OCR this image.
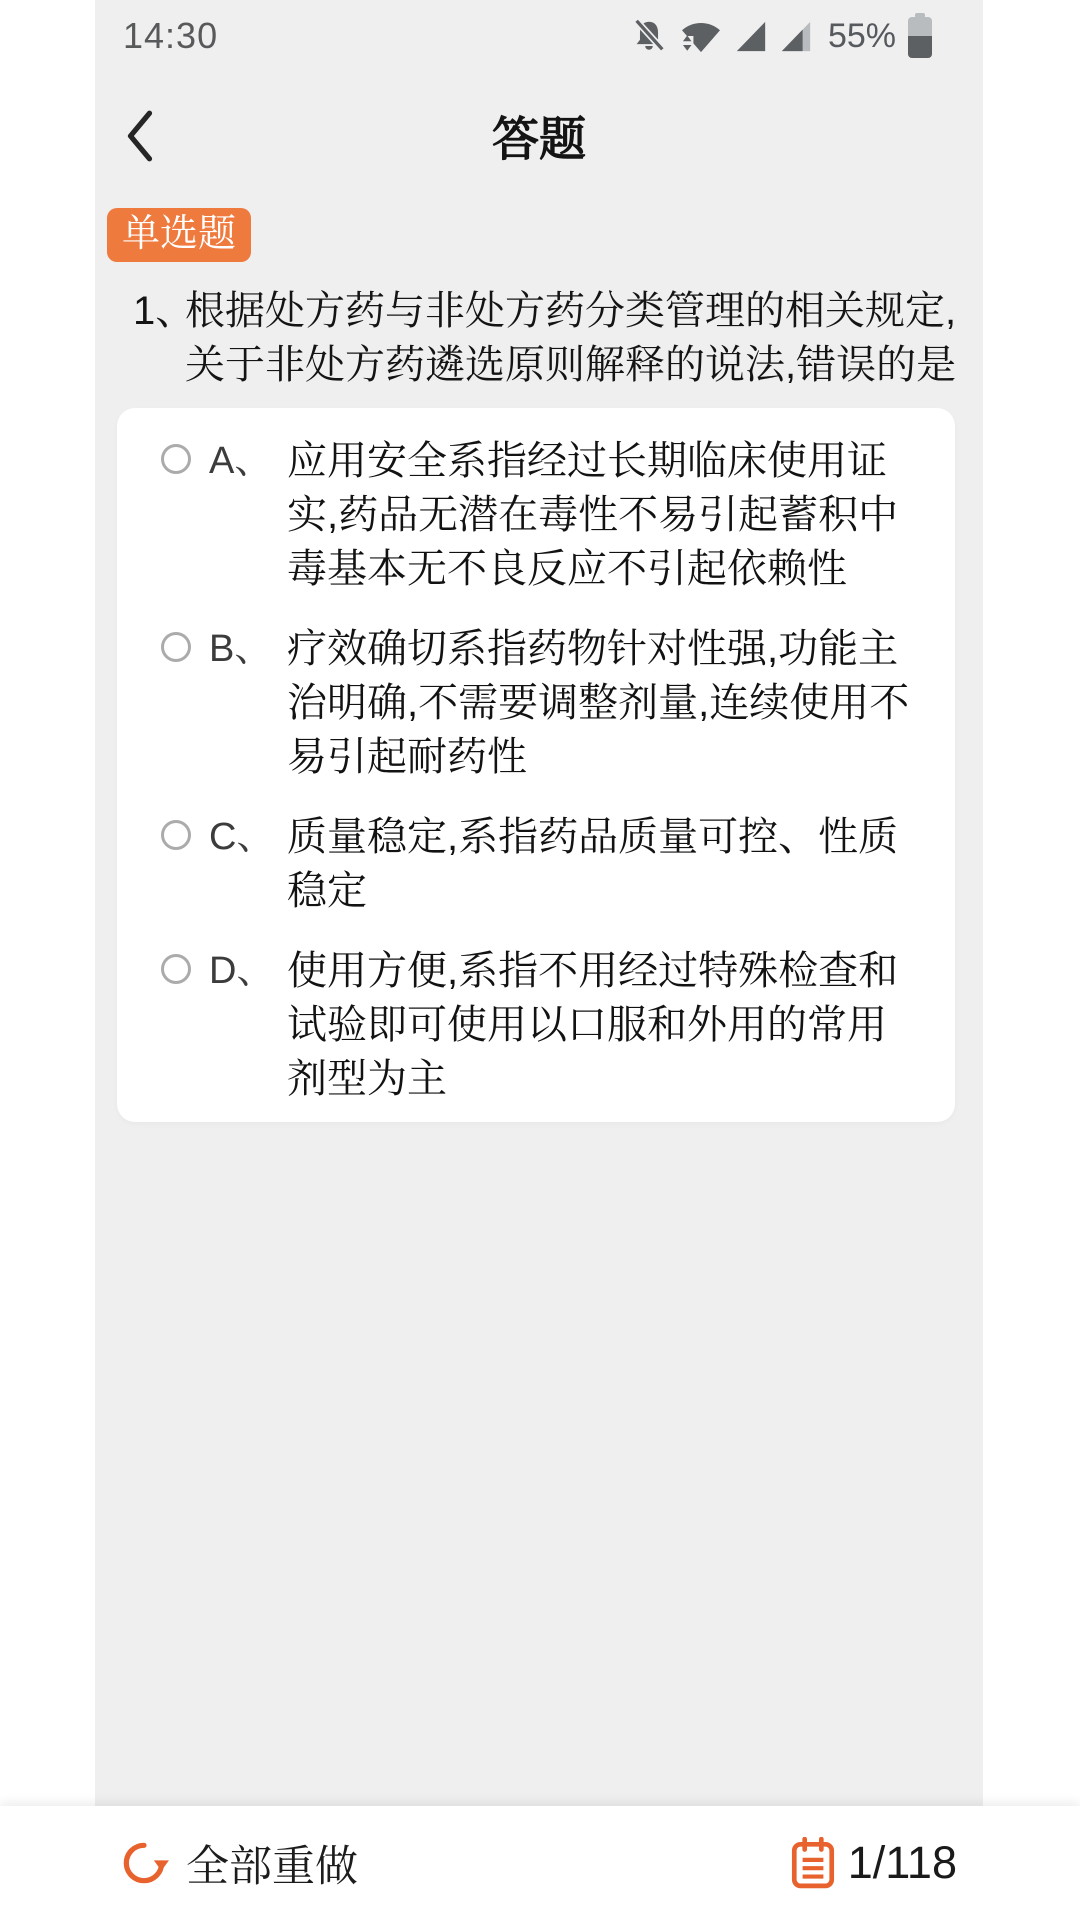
14:30	55%
答题
单选题
1、
根据处方药与非处方药分类管理的相关规定,关于非处方药遴选原则解释的说法,错误的是
A、 应用安全系指经过长期临床使用证实,药品无潜在毒性不易引起蓄积中毒基本无不良反应不引起依赖性
B、 疗效确切系指药物针对性强,功能主治明确,不需要调整剂量,连续使用不易引起耐药性
C、 质量稳定,系指药品质量可控、性质稳定
D、 使用方便,系指不用经过特殊检查和试验即可使用以口服和外用的常用剂型为主
全部重做	1/118
